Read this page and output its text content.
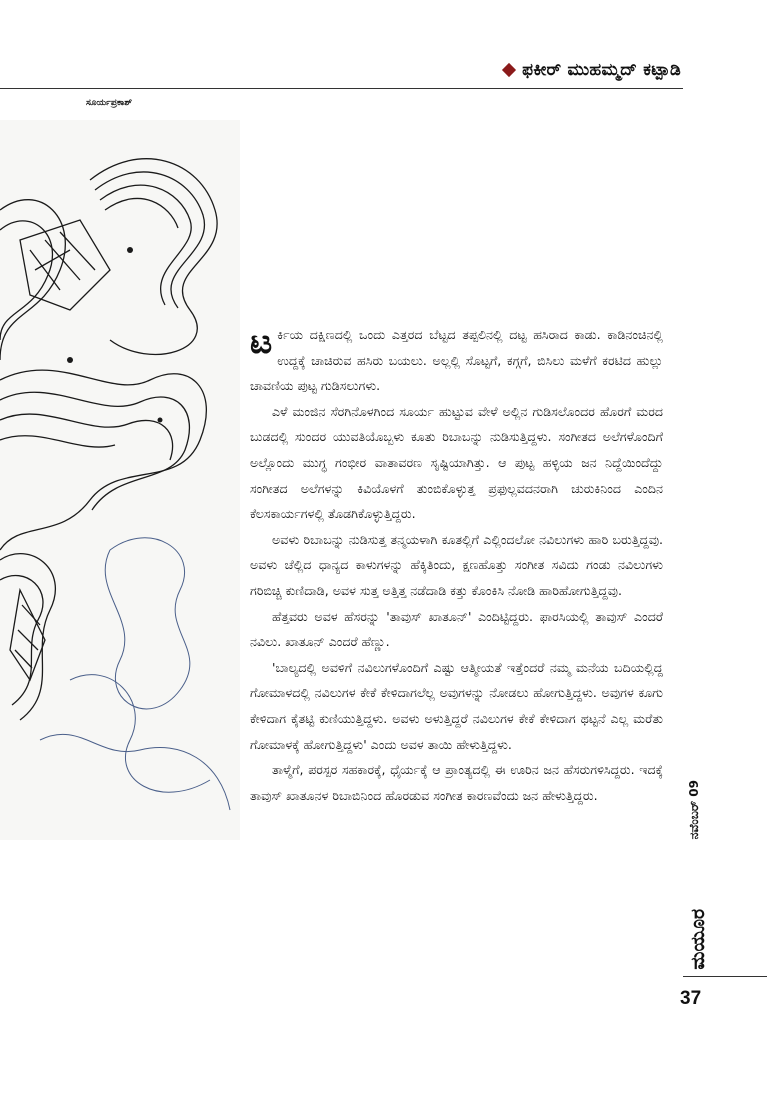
ಫಕೀರ್ ಮುಹಮ್ಮದ್ ಕಟ್ಪಾಡಿ
ಸೂರ್ಯಪ್ರಕಾಶ್

ಟರ್ಕಿಯ ದಕ್ಷಿಣದಲ್ಲಿ ಒಂದು ಎತ್ತರದ ಬೆಟ್ಟದ ತಪ್ಪಲಿನಲ್ಲಿ ದಟ್ಟ ಹಸಿರಾದ ಕಾಡು. ಕಾಡಿನಂಚಿನಲ್ಲಿ ಉದ್ದಕ್ಕೆ ಚಾಚಿರುವ ಹಸಿರು ಬಯಲು. ಅಲ್ಲಲ್ಲಿ ಸೊಟ್ಟಗೆ, ಕಗ್ಗಗೆ, ಬಿಸಿಲು ಮಳೆಗೆ ಕರಟಿದ ಹುಲ್ಲು ಚಾವಣಿಯ ಪುಟ್ಟ ಗುಡಿಸಲುಗಳು.

ಎಳೆ ಮಂಜಿನ ಸೆರಗಿನೊಳಗಿಂದ ಸೂರ್ಯ ಹುಟ್ಟುವ ವೇಳೆ ಅಲ್ಲಿನ ಗುಡಿಸಲೊಂದರ ಹೊರಗೆ ಮರದ ಬುಡದಲ್ಲಿ ಸುಂದರ ಯುವತಿಯೊಬ್ಬಳು ಕೂತು ರಿಬಾಬನ್ನು ನುಡಿಸುತ್ತಿದ್ದಳು. ಸಂಗೀತದ ಅಲೆಗಳೊಂದಿಗೆ ಅಲ್ಲೊಂದು ಮುಗ್ಧ ಗಂಭೀರ ವಾತಾವರಣ ಸೃಷ್ಟಿಯಾಗಿತ್ತು. ಆ ಪುಟ್ಟ ಹಳ್ಳಿಯ ಜನ ನಿದ್ದೆಯಿಂದೆದ್ದು ಸಂಗೀತದ ಅಲೆಗಳನ್ನು ಕಿವಿಯೊಳಗೆ ತುಂಬಿಕೊಳ್ಳುತ್ತ ಪ್ರಫುಲ್ಲವದನರಾಗಿ ಚುರುಕಿನಿಂದ ಎಂದಿನ ಕೆಲಸಕಾರ್ಯಗಳಲ್ಲಿ ತೊಡಗಿಕೊಳ್ಳುತ್ತಿದ್ದರು.

ಅವಳು ರಿಬಾಬನ್ನು ನುಡಿಸುತ್ತ ತನ್ಮಯಳಾಗಿ ಕೂತಲ್ಲಿಗೆ ಎಲ್ಲಿಂದಲೋ ನವಿಲುಗಳು ಹಾರಿ ಬರುತ್ತಿದ್ದವು. ಅವಳು ಚೆಲ್ಲಿದ ಧಾನ್ಯದ ಕಾಳುಗಳನ್ನು ಹೆಕ್ಕಿತಿಂದು, ಕ್ಷಣಹೊತ್ತು ಸಂಗೀತ ಸವಿದು ಗಂಡು ನವಿಲುಗಳು ಗರಿಬಿಚ್ಚಿ ಕುಣಿದಾಡಿ, ಅವಳ ಸುತ್ತ ಅತ್ತಿತ್ತ ನಡೆದಾಡಿ ಕತ್ತು ಕೊಂಕಿಸಿ ನೋಡಿ ಹಾರಿಹೋಗುತ್ತಿದ್ದವು.

ಹೆತ್ತವರು ಅವಳ ಹೆಸರನ್ನು 'ತಾವುಸ್ ಖಾತೂನ್' ಎಂದಿಟ್ಟಿದ್ದರು. ಫಾರಸಿಯಲ್ಲಿ ತಾವುಸ್ ಎಂದರೆ ನವಿಲು. ಖಾತೂನ್ ಎಂದರೆ ಹೆಣ್ಣು.

'ಬಾಲ್ಯದಲ್ಲಿ ಅವಳಿಗೆ ನವಿಲುಗಳೊಂದಿಗೆ ಎಷ್ಟು ಆತ್ಮೀಯತೆ ಇತ್ತೆಂದರೆ ನಮ್ಮ ಮನೆಯ ಬದಿಯಲ್ಲಿದ್ದ ಗೋಮಾಳದಲ್ಲಿ ನವಿಲುಗಳ ಕೇಕೆ ಕೇಳಿದಾಗಲೆಲ್ಲ ಅವುಗಳನ್ನು ನೋಡಲು ಹೋಗುತ್ತಿದ್ದಳು. ಅವುಗಳ ಕೂಗು ಕೇಳಿದಾಗ ಕೈತಟ್ಟಿ ಕುಣಿಯುತ್ತಿದ್ದಳು. ಅವಳು ಅಳುತ್ತಿದ್ದರೆ ನವಿಲುಗಳ ಕೇಕೆ ಕೇಳಿದಾಗ ಥಟ್ಟನೆ ಎಲ್ಲ ಮರೆತು ಗೋಮಾಳಕ್ಕೆ ಹೋಗುತ್ತಿದ್ದಳು' ಎಂದು ಅವಳ ತಾಯಿ ಹೇಳುತ್ತಿದ್ದಳು.

ತಾಳ್ಮೆಗೆ, ಪರಸ್ಪರ ಸಹಕಾರಕ್ಕೆ, ಧೈರ್ಯಕ್ಕೆ ಆ ಪ್ರಾಂತ್ಯದಲ್ಲಿ ಈ ಊರಿನ ಜನ ಹೆಸರುಗಳಿಸಿದ್ದರು. ಇದಕ್ಕೆ ತಾವುಸ್ ಖಾತೂನಳ ರಿಬಾಬಿನಿಂದ ಹೊರಡುವ ಸಂಗೀತ ಕಾರಣವೆಂದು ಜನ ಹೇಳುತ್ತಿದ್ದರು.	ನವೆಂಬರ್ 09
ಮಯೂರ
37
